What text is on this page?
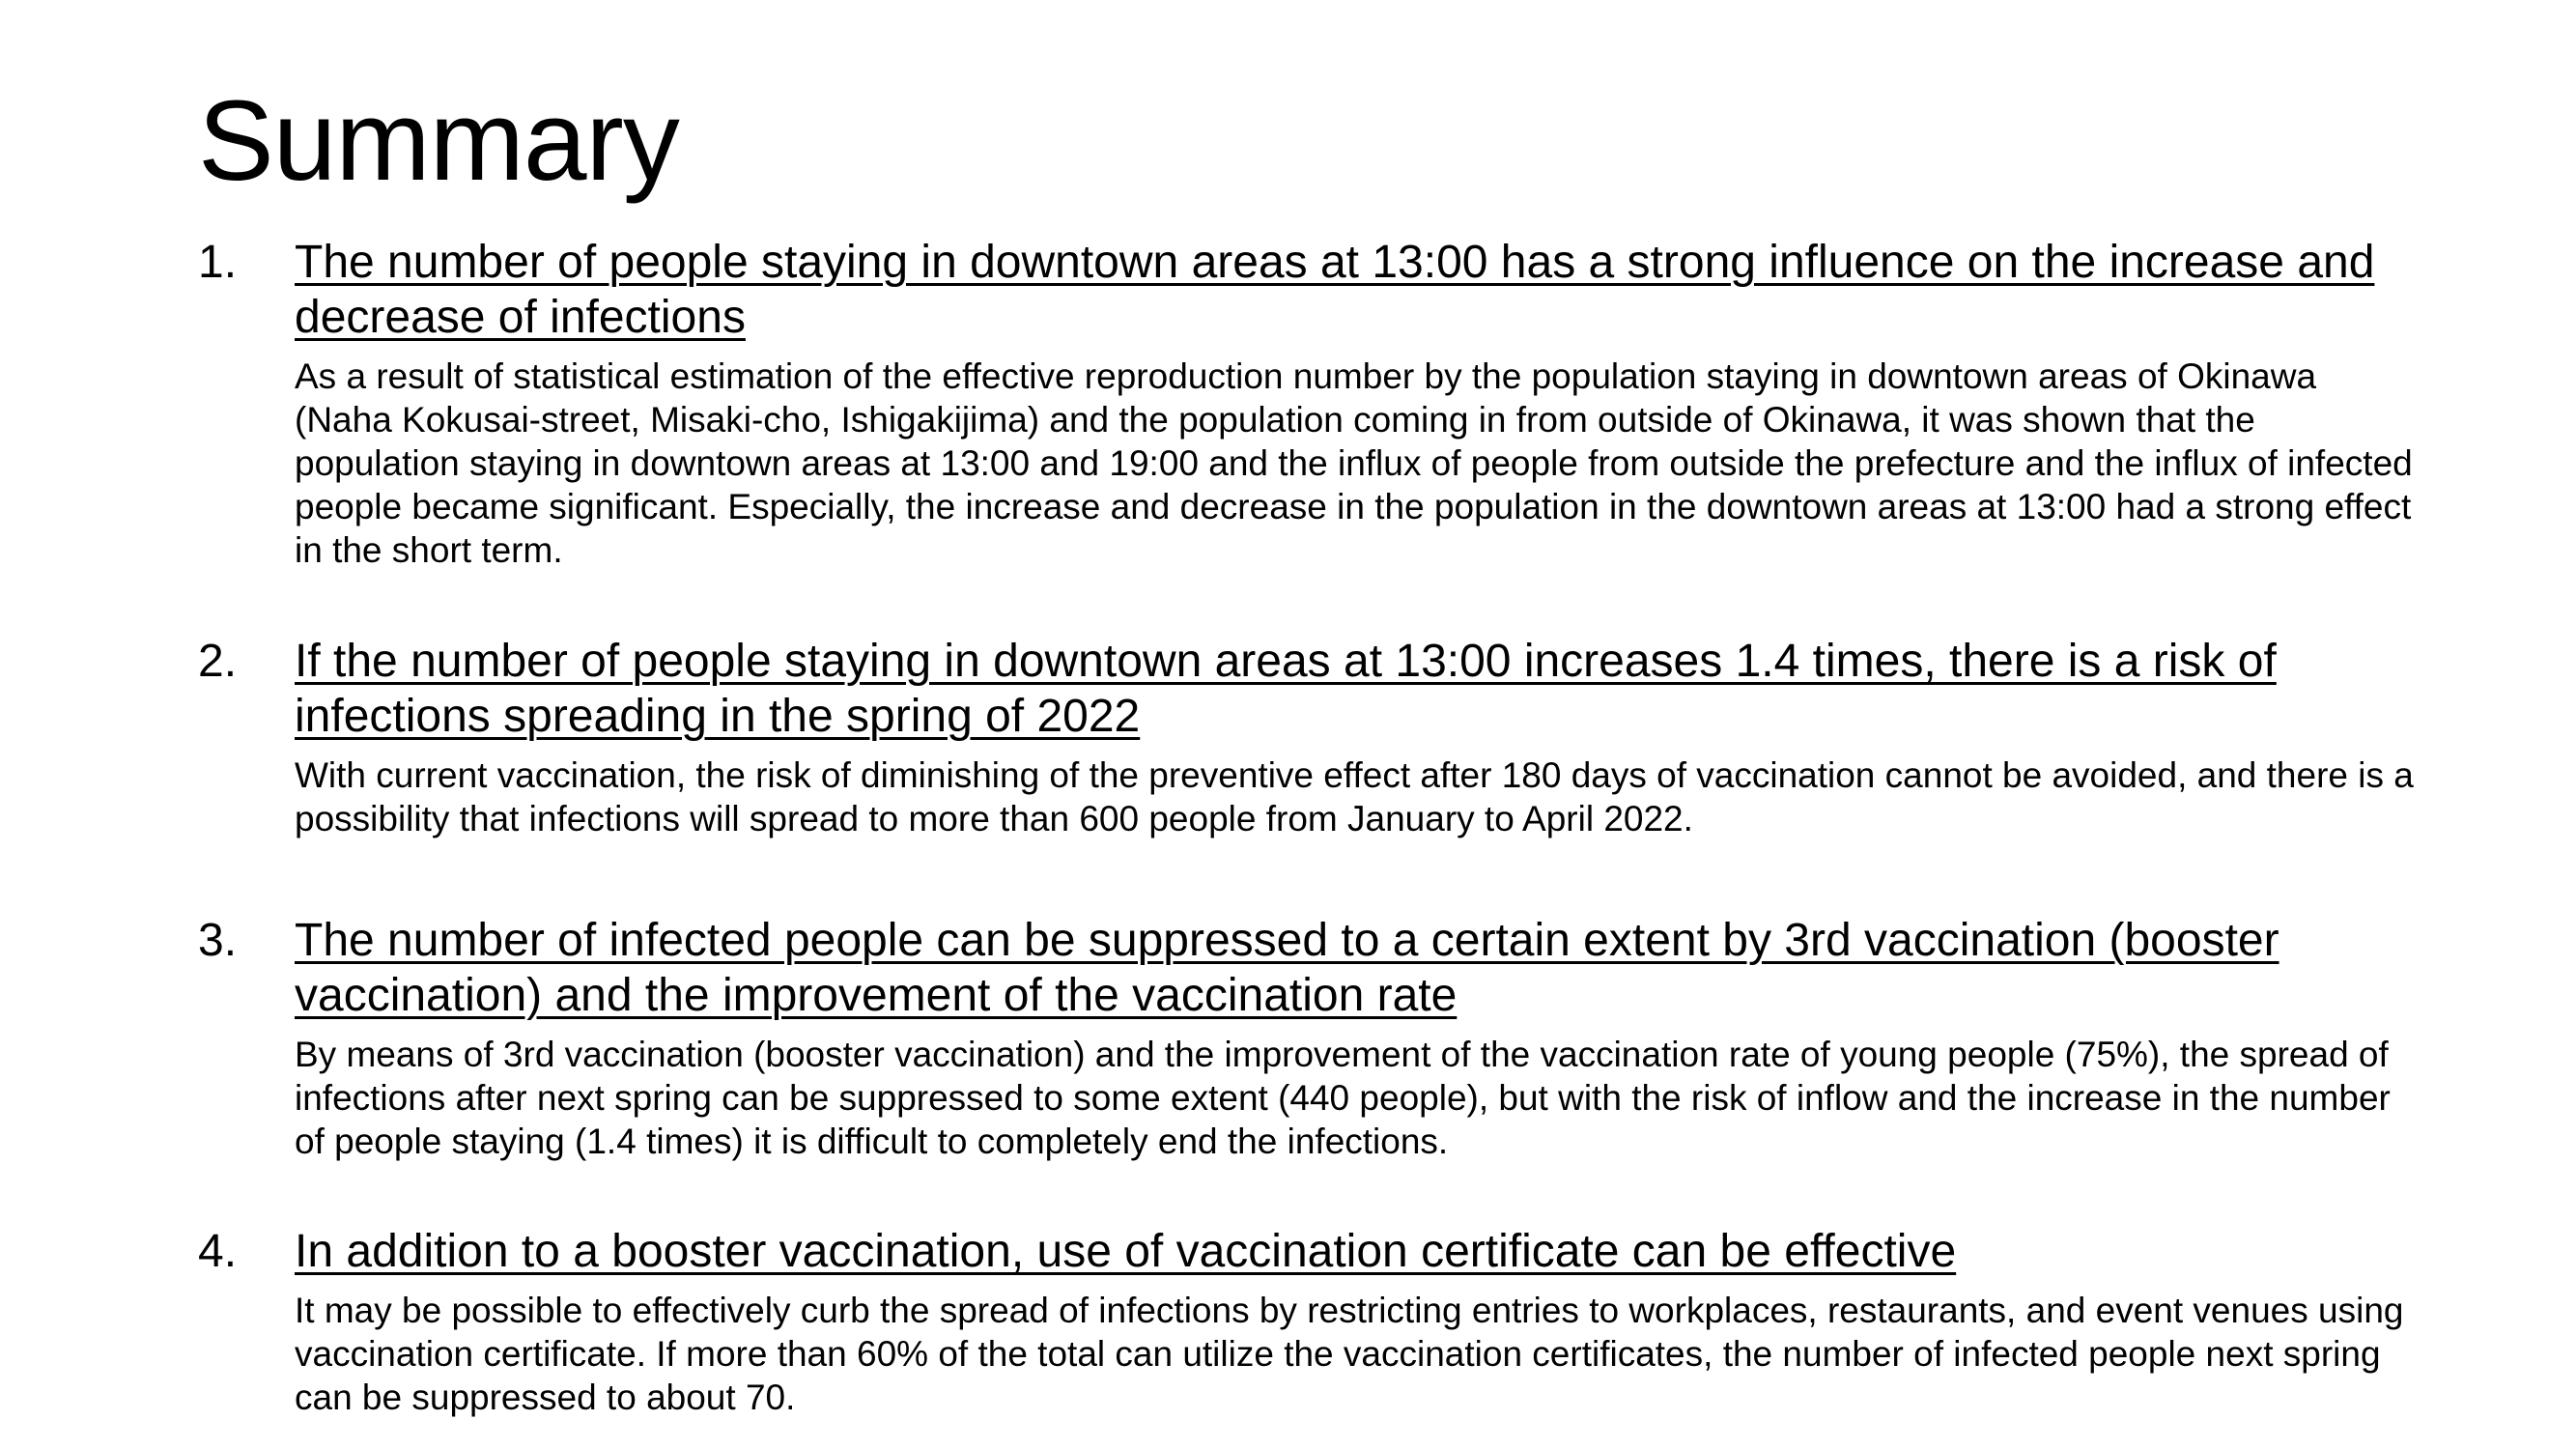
Summary
1. The number of people staying in downtown areas at 13:00 has a strong influence on the increase and decrease of infections
As a result of statistical estimation of the effective reproduction number by the population staying in downtown areas of Okinawa (Naha Kokusai-street, Misaki-cho, Ishigakijima) and the population coming in from outside of Okinawa, it was shown that the population staying in downtown areas at 13:00 and 19:00 and the influx of people from outside the prefecture and the influx of infected people became significant. Especially, the increase and decrease in the population in the downtown areas at 13:00 had a strong effect in the short term.
2. If the number of people staying in downtown areas at 13:00 increases 1.4 times, there is a risk of infections spreading in the spring of 2022
With current vaccination, the risk of diminishing of the preventive effect after 180 days of vaccination cannot be avoided, and there is a possibility that infections will spread to more than 600 people from January to April 2022.
3. The number of infected people can be suppressed to a certain extent by 3rd vaccination (booster vaccination) and the improvement of the vaccination rate
By means of 3rd vaccination (booster vaccination) and the improvement of the vaccination rate of young people (75%), the spread of infections after next spring can be suppressed to some extent (440 people), but with the risk of inflow and the increase in the number of people staying (1.4 times) it is difficult to completely end the infections.
4. In addition to a booster vaccination, use of vaccination certificate can be effective
It may be possible to effectively curb the spread of infections by restricting entries to workplaces, restaurants, and event venues using vaccination certificate. If more than 60% of the total can utilize the vaccination certificates, the number of infected people next spring can be suppressed to about 70.
